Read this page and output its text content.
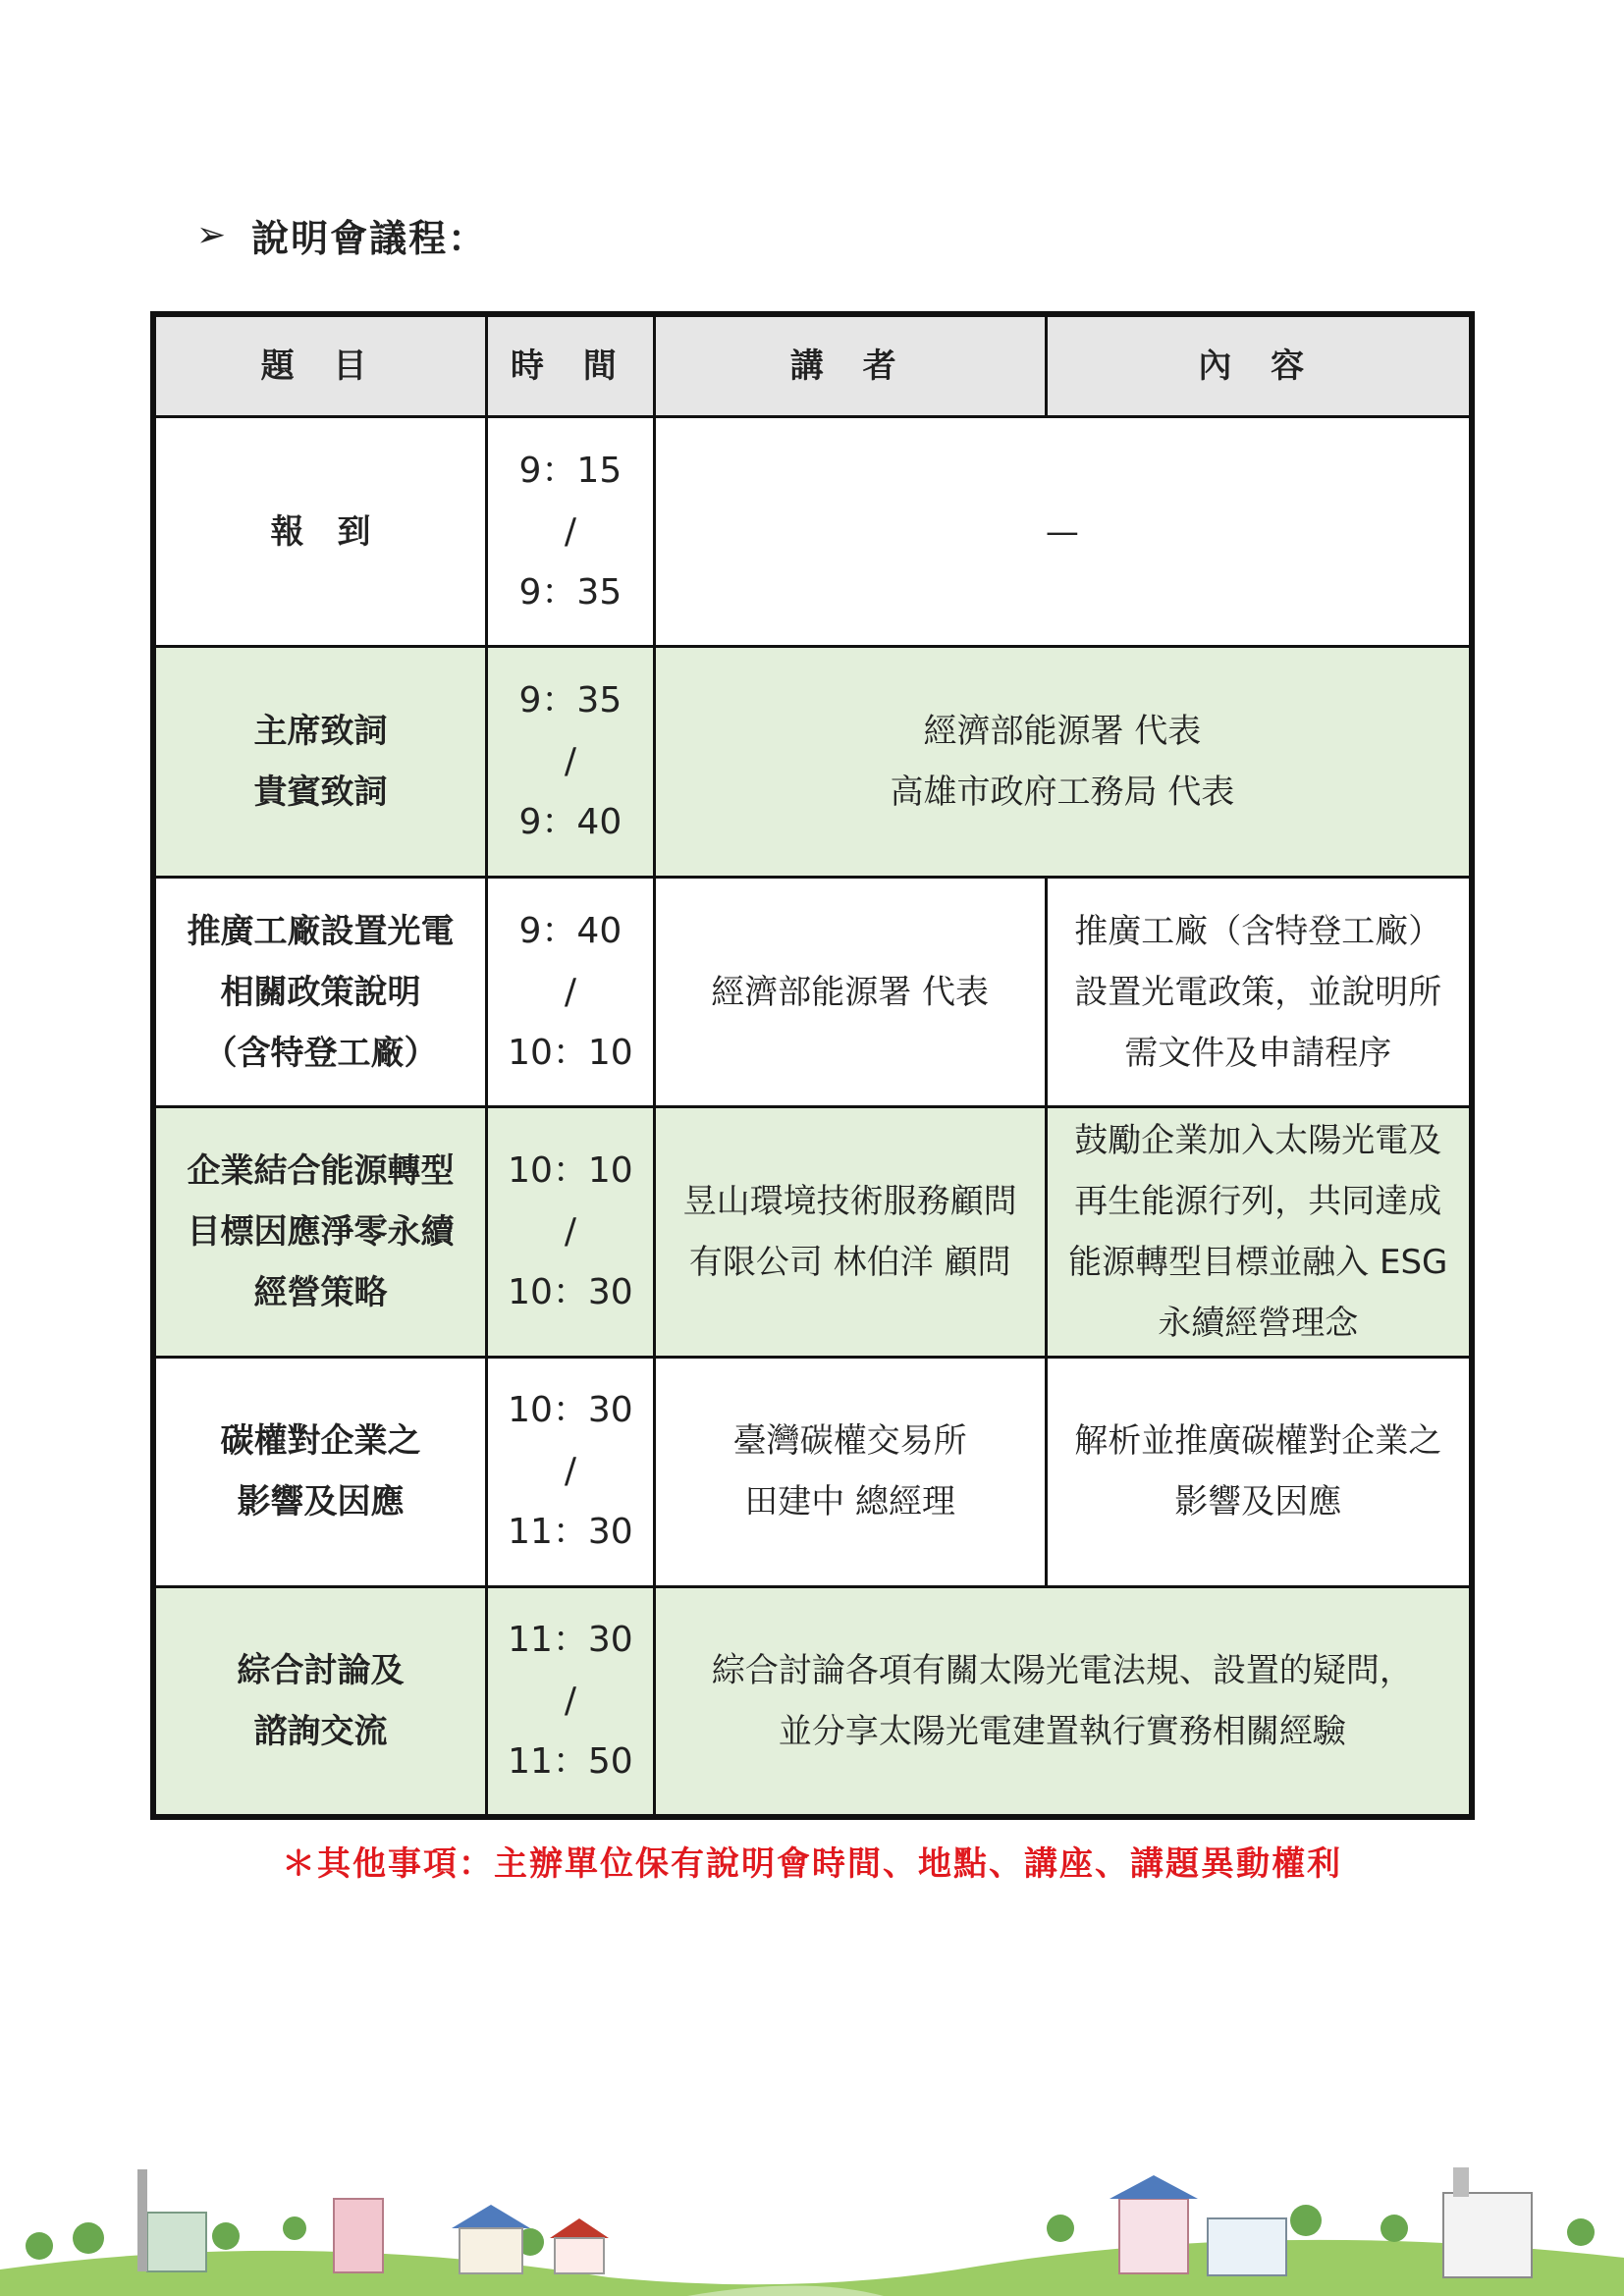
➢ 說明會議程：
題 目	時 間	講 者	內 容

報　到	9：15
/
9：35	—	

主席致詞
貴賓致詞	9：35
/
9：40	經濟部能源署 代表
高雄市政府工務局 代表	

推廣工廠設置光電
相關政策說明
（含特登工廠）	9：40
/
10：10	經濟部能源署 代表	推廣工廠（含特登工廠）
設置光電政策，並說明所
需文件及申請程序

企業結合能源轉型
目標因應淨零永續
經營策略	10：10
/
10：30	昱山環境技術服務顧問
有限公司 林伯洋 顧問	鼓勵企業加入太陽光電及
再生能源行列，共同達成
能源轉型目標並融入 ESG
永續經營理念

碳權對企業之
影響及因應	10：30
/
11：30	臺灣碳權交易所
田建中 總經理	解析並推廣碳權對企業之
影響及因應

綜合討論及
諮詢交流	11：30
/
11：50	綜合討論各項有關太陽光電法規、設置的疑問，
並分享太陽光電建置執行實務相關經驗	
＊其他事項：主辦單位保有說明會時間、地點、講座、講題異動權利
